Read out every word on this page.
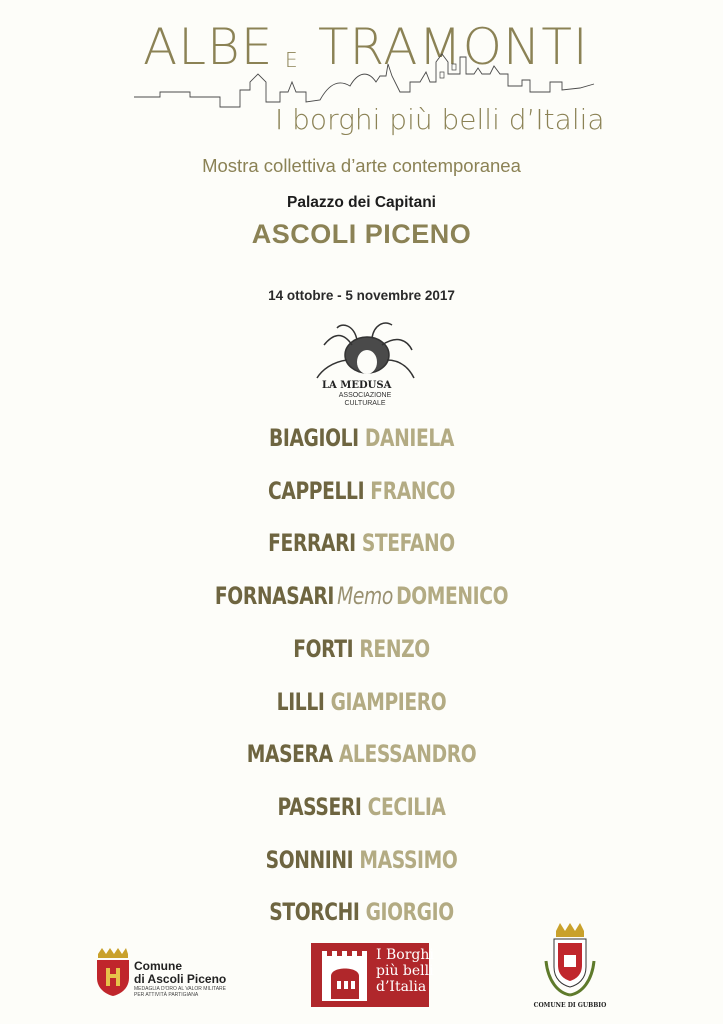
ALBE E TRAMONTI
I borghi più belli d’Italia
Mostra collettiva d’arte contemporanea
Palazzo dei Capitani
ASCOLI PICENO
14 ottobre - 5 novembre 2017
LA MEDUSA
ASSOCIAZIONE
CULTURALE
BIAGIOLI DANIELA
CAPPELLI FRANCO
FERRARI STEFANO
FORNASARI Memo DOMENICO
FORTI RENZO
LILLI GIAMPIERO
MASERA ALESSANDRO
PASSERI CECILIA
SONNINI MASSIMO
STORCHI GIORGIO
Comune
di Ascoli Piceno
MEDAGLIA D'ORO AL VALOR MILITARE
PER ATTIVITÀ PARTIGIANA
I Borghi
più belli
d’Italia
COMUNE DI GUBBIO
